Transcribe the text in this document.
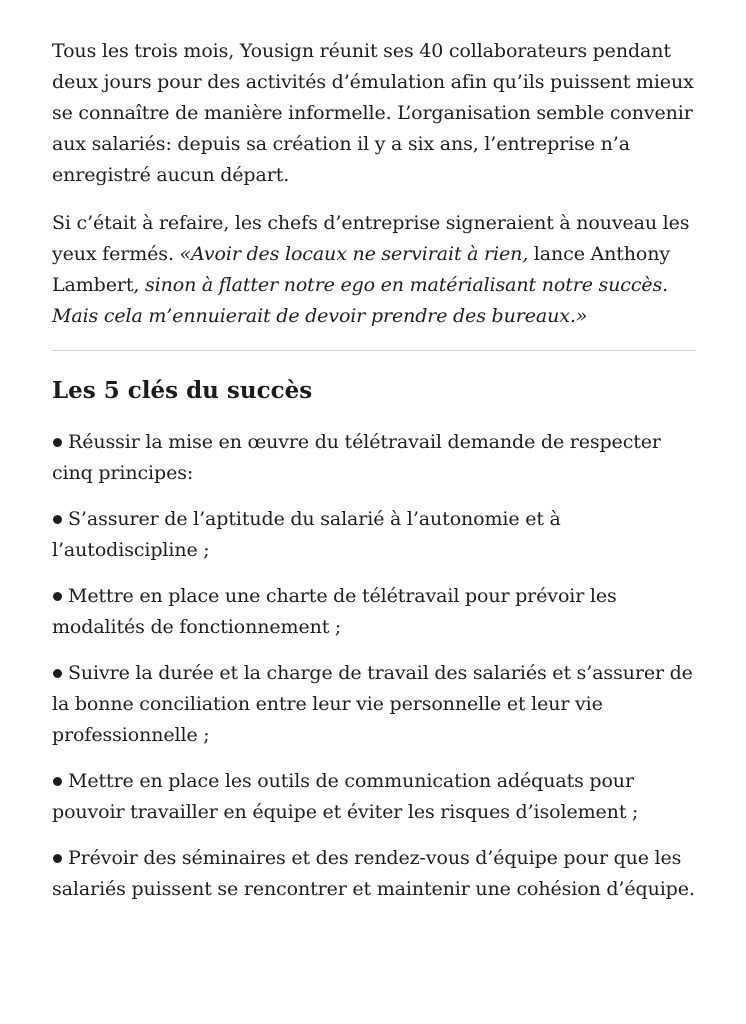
Tous les trois mois, Yousign réunit ses 40 collaborateurs pendant deux jours pour des activités d’émulation afin qu’ils puissent mieux se connaître de manière informelle. L’organisation semble convenir aux salariés: depuis sa création il y a six ans, l’entreprise n’a enregistré aucun départ.

Si c’était à refaire, les chefs d’entreprise signeraient à nouveau les yeux fermés. «Avoir des locaux ne servirait à rien, lance Anthony Lambert, sinon à flatter notre ego en matérialisant notre succès. Mais cela m’ennuierait de devoir prendre des bureaux.»

Les 5 clés du succès
Réussir la mise en œuvre du télétravail demande de respecter cinq principes:
S’assurer de l’aptitude du salarié à l’autonomie et à l’autodiscipline ;
Mettre en place une charte de télétravail pour prévoir les modalités de fonctionnement ;
Suivre la durée et la charge de travail des salariés et s’assurer de la bonne conciliation entre leur vie personnelle et leur vie professionnelle ;
Mettre en place les outils de communication adéquats pour pouvoir travailler en équipe et éviter les risques d’isolement ;
Prévoir des séminaires et des rendez-vous d’équipe pour que les salariés puissent se rencontrer et maintenir une cohésion d’équipe.
